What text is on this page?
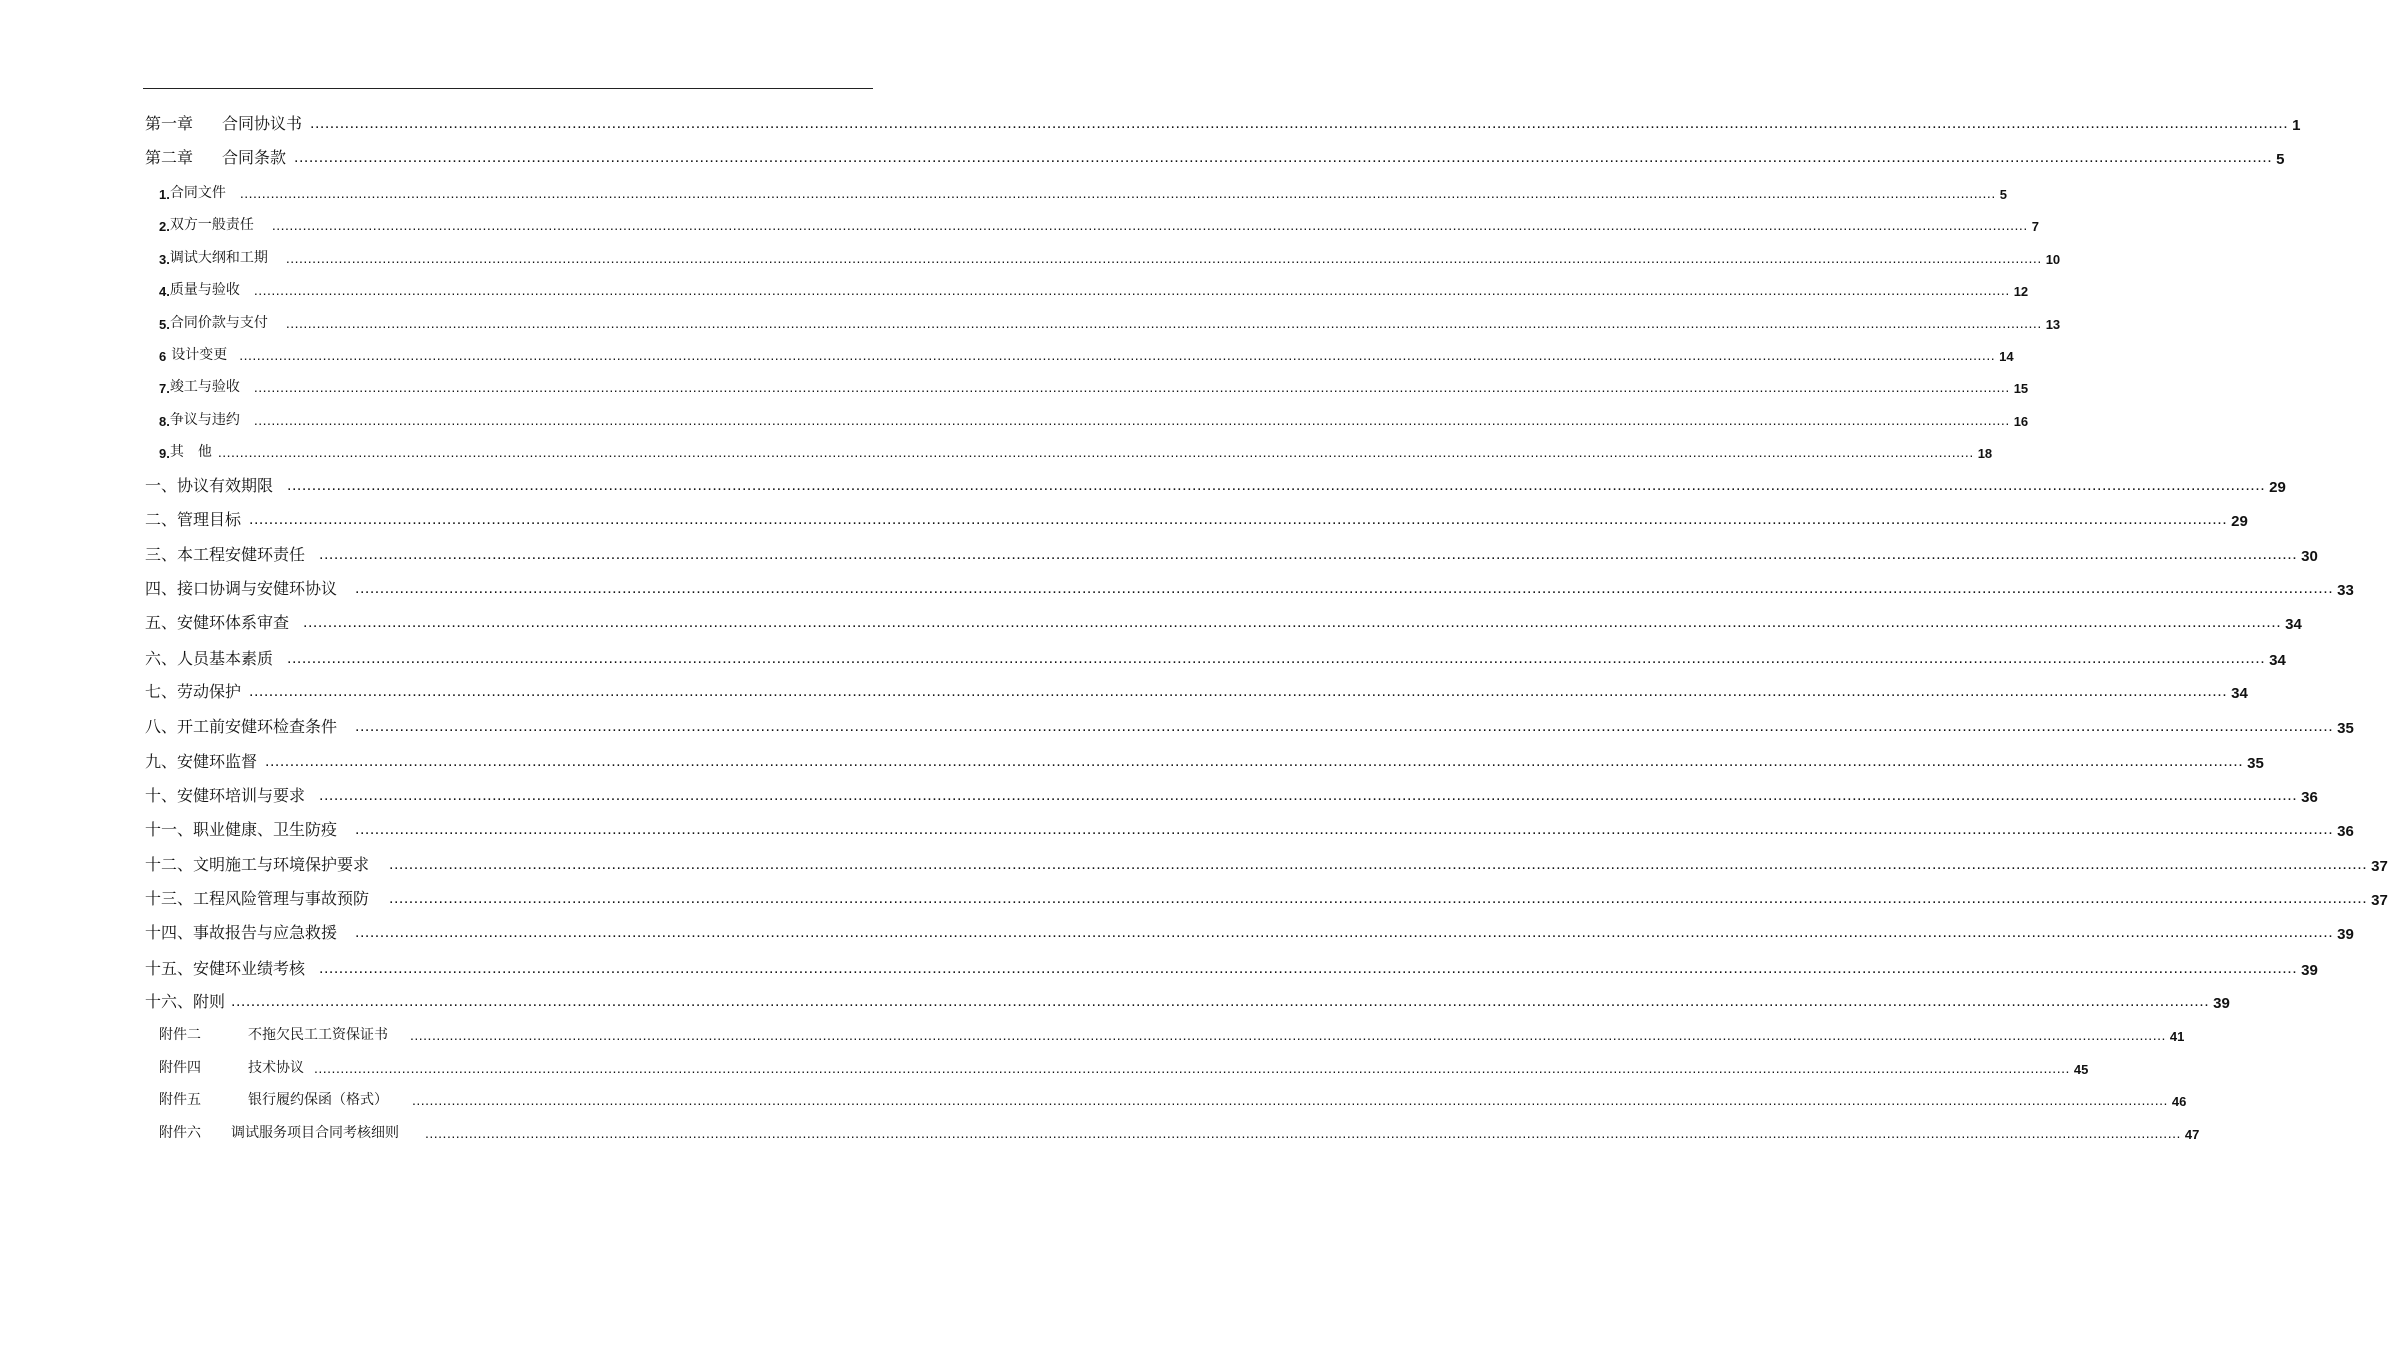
第一章	合同协议书 ................................................................................................................................................................................................................................................................................................................................................................................................................ 1
第二章	合同条款 ................................................................................................................................................................................................................................................................................................................................................................................................................ 5
1. 合同文件 ................................................................................................................................................................................................................................................................................................................................................................................................................ 5
2. 双方一般责任 ................................................................................................................................................................................................................................................................................................................................................................................................................ 7
3. 调试大纲和工期 ................................................................................................................................................................................................................................................................................................................................................................................................................ 10
4. 质量与验收 ................................................................................................................................................................................................................................................................................................................................................................................................................ 12
5. 合同价款与支付 ................................................................................................................................................................................................................................................................................................................................................................................................................ 13
6 设计变更 ................................................................................................................................................................................................................................................................................................................................................................................................................ 14
7. 竣工与验收 ................................................................................................................................................................................................................................................................................................................................................................................................................ 15
8. 争议与违约 ................................................................................................................................................................................................................................................................................................................................................................................................................ 16
9. 其　他 ................................................................................................................................................................................................................................................................................................................................................................................................................ 18
一、协议有效期限 ................................................................................................................................................................................................................................................................................................................................................................................................................ 29
二、管理目标 ................................................................................................................................................................................................................................................................................................................................................................................................................ 29
三、本工程安健环责任 ................................................................................................................................................................................................................................................................................................................................................................................................................ 30
四、接口协调与安健环协议 ................................................................................................................................................................................................................................................................................................................................................................................................................ 33
五、安健环体系审查 ................................................................................................................................................................................................................................................................................................................................................................................................................ 34
六、人员基本素质 ................................................................................................................................................................................................................................................................................................................................................................................................................ 34
七、劳动保护 ................................................................................................................................................................................................................................................................................................................................................................................................................ 34
八、开工前安健环检查条件 ................................................................................................................................................................................................................................................................................................................................................................................................................ 35
九、安健环监督 ................................................................................................................................................................................................................................................................................................................................................................................................................ 35
十、安健环培训与要求 ................................................................................................................................................................................................................................................................................................................................................................................................................ 36
十一、职业健康、卫生防疫 ................................................................................................................................................................................................................................................................................................................................................................................................................ 36
十二、文明施工与环境保护要求 ................................................................................................................................................................................................................................................................................................................................................................................................................ 37
十三、工程风险管理与事故预防 ................................................................................................................................................................................................................................................................................................................................................................................................................ 37
十四、事故报告与应急救援 ................................................................................................................................................................................................................................................................................................................................................................................................................ 39
十五、安健环业绩考核 ................................................................................................................................................................................................................................................................................................................................................................................................................ 39
十六、附则 ................................................................................................................................................................................................................................................................................................................................................................................................................ 39
附件二	不拖欠民工工资保证书 ................................................................................................................................................................................................................................................................................................................................................................................................................ 41
附件四	技术协议 ................................................................................................................................................................................................................................................................................................................................................................................................................ 45
附件五	银行履约保函（格式） ................................................................................................................................................................................................................................................................................................................................................................................................................ 46
附件六	调试服务项目合同考核细则 ................................................................................................................................................................................................................................................................................................................................................................................................................ 47
